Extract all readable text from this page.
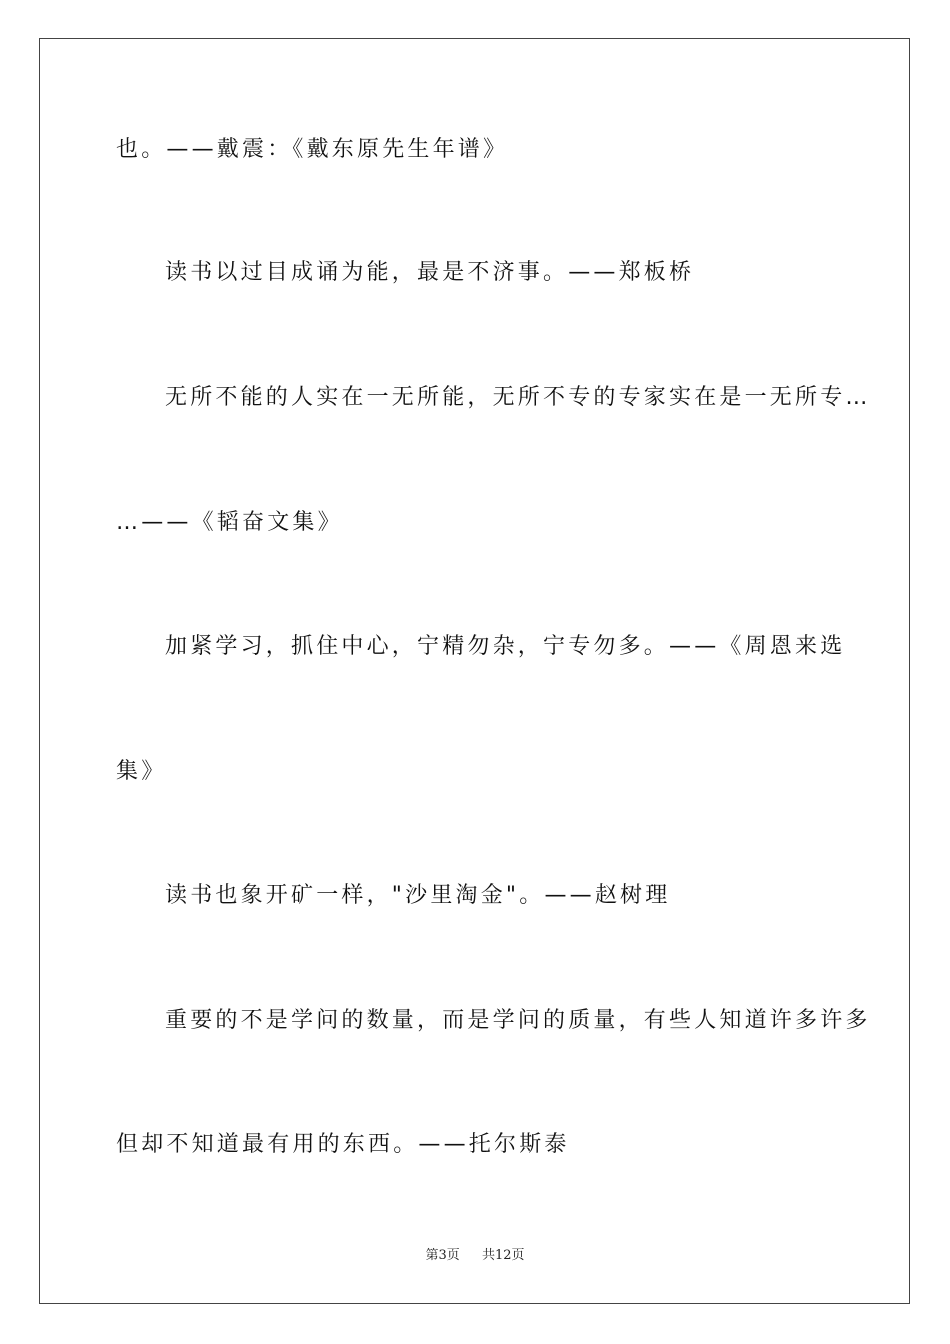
也。——戴震：《戴东原先生年谱》
读书以过目成诵为能，最是不济事。——郑板桥
无所不能的人实在一无所能，无所不专的专家实在是一无所专…
…——《韬奋文集》
加紧学习，抓住中心，宁精勿杂，宁专勿多。——《周恩来选
集》
读书也象开矿一样，"沙里淘金"。——赵树理
重要的不是学问的数量，而是学问的质量，有些人知道许多许多
但却不知道最有用的东西。——托尔斯泰
第3页 共12页
